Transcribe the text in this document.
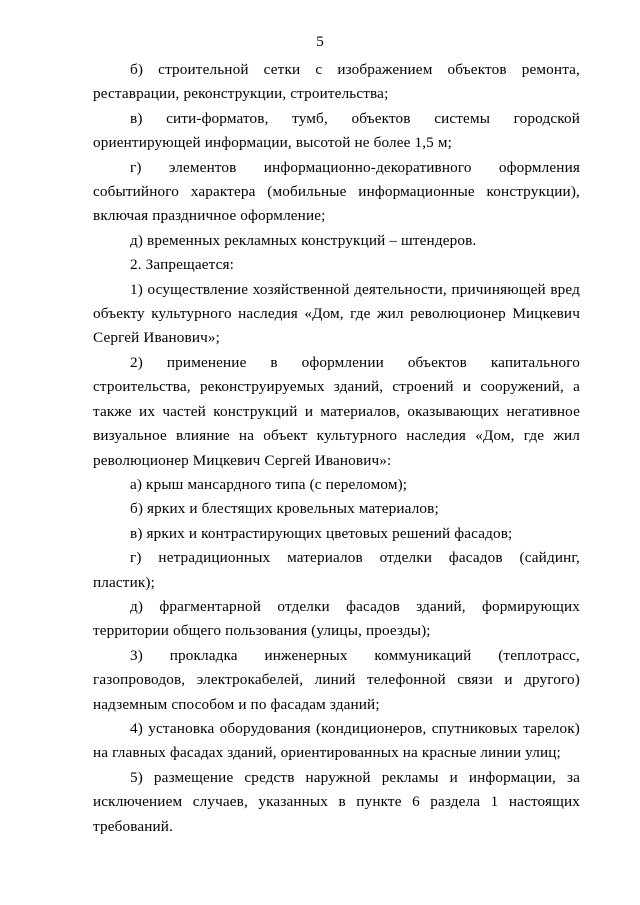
5

б) строительной сетки с изображением объектов ремонта, реставрации, реконструкции, строительства;

в) сити-форматов, тумб, объектов системы городской ориентирующей информации, высотой не более 1,5 м;

г) элементов информационно-декоративного оформления событийного характера (мобильные информационные конструкции), включая праздничное оформление;

д) временных рекламных конструкций – штендеров.

2. Запрещается:

1) осуществление хозяйственной деятельности, причиняющей вред объекту культурного наследия «Дом, где жил революционер Мицкевич Сергей Иванович»;

2) применение в оформлении объектов капитального строительства, реконструируемых зданий, строений и сооружений, а также их частей конструкций и материалов, оказывающих негативное визуальное влияние на объект культурного наследия «Дом, где жил революционер Мицкевич Сергей Иванович»:

а) крыш мансардного типа (с переломом);

б) ярких и блестящих кровельных материалов;

в) ярких и контрастирующих цветовых решений фасадов;

г) нетрадиционных материалов отделки фасадов (сайдинг, пластик);

д) фрагментарной отделки фасадов зданий, формирующих территории общего пользования (улицы, проезды);

3) прокладка инженерных коммуникаций (теплотрасс, газопроводов, электрокабелей, линий телефонной связи и другого) надземным способом и по фасадам зданий;

4) установка оборудования (кондиционеров, спутниковых тарелок) на главных фасадах зданий, ориентированных на красные линии улиц;

5) размещение средств наружной рекламы и информации, за исключением случаев, указанных в пункте 6 раздела 1 настоящих требований.
